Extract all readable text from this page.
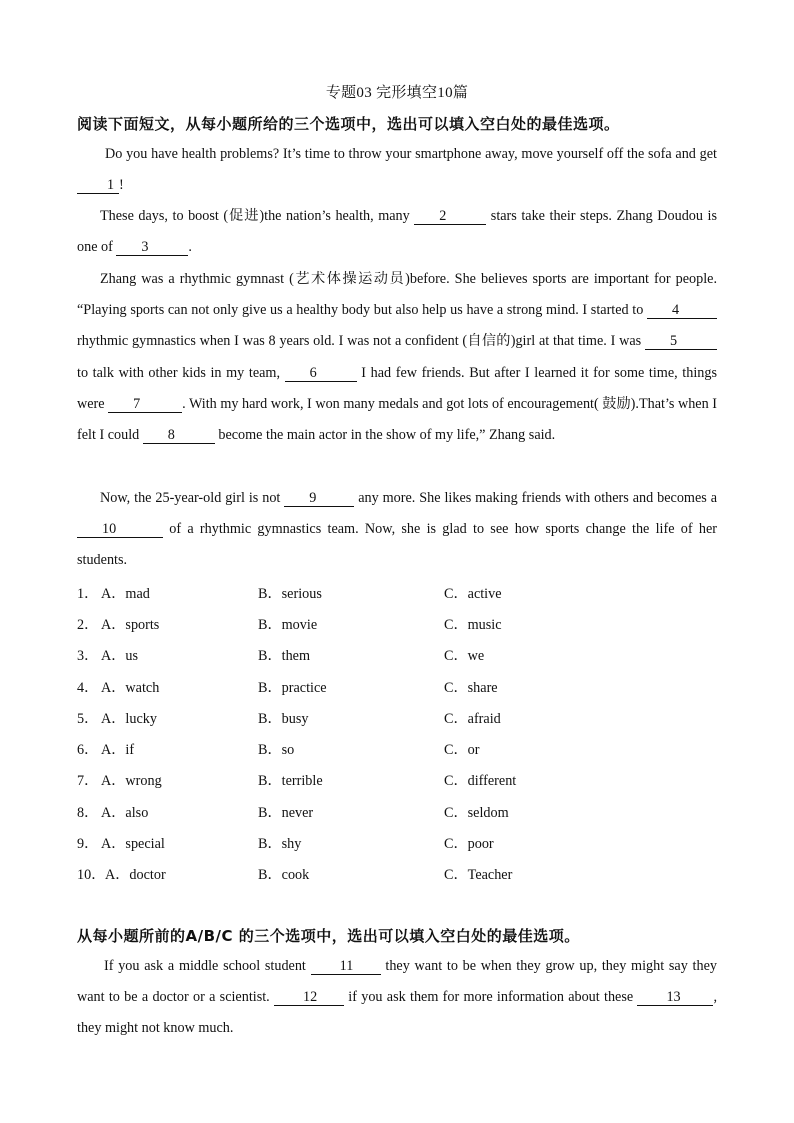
专题03 完形填空10篇
阅读下面短文，从每小题所给的三个选项中，选出可以填入空白处的最佳选项。
Do you have health problems? It’s time to throw your smartphone away, move yourself off the sofa and get 1 !
These days, to boost (促进)the nation’s health, many 2	stars take their steps. Zhang Doudou is one of 3	.
Zhang was a rhythmic gymnast (艺术体操运动员)before. She believes sports are important for people. “Playing sports can not only give us a healthy body but also help us have a strong mind. I started to 4 rhythmic gymnastics when I was 8 years old. I was not a confident (自信的)girl at that time. I was 5 to talk with other kids in my team, 6	I had few friends. But after I learned it for some time, things were 7	. With my hard work, I won many medals and got lots of encouragement( 鼓励).That’s when I felt I could 8	become the main actor in the show of my life,” Zhang said.
Now, the 25-year-old girl is not 9	any more. She likes making friends with others and becomes a 10	of a rhythmic gymnastics team. Now, she is glad to see how sports change the life of her students.
1． A．mad	B．serious	C．active
2． A．sports	B．movie	C．music
3． A．us	B．them	C．we
4． A．watch	B．practice	C．share
5． A．lucky	B．busy	C．afraid
6． A．if	B．so	C．or
7． A．wrong	B．terrible	C．different
8． A．also	B．never	C．seldom
9． A．special	B．shy	C．poor
10． A．doctor	B．cook	C．Teacher
从每小题所前的A/B/C 的三个选项中，选出可以填入空白处的最佳选项。
If you ask a middle school student 11 they want to be when they grow up, they might say they want to be a doctor or a scientist. 12 if you ask them for more information about these 13 , they might not know much.
